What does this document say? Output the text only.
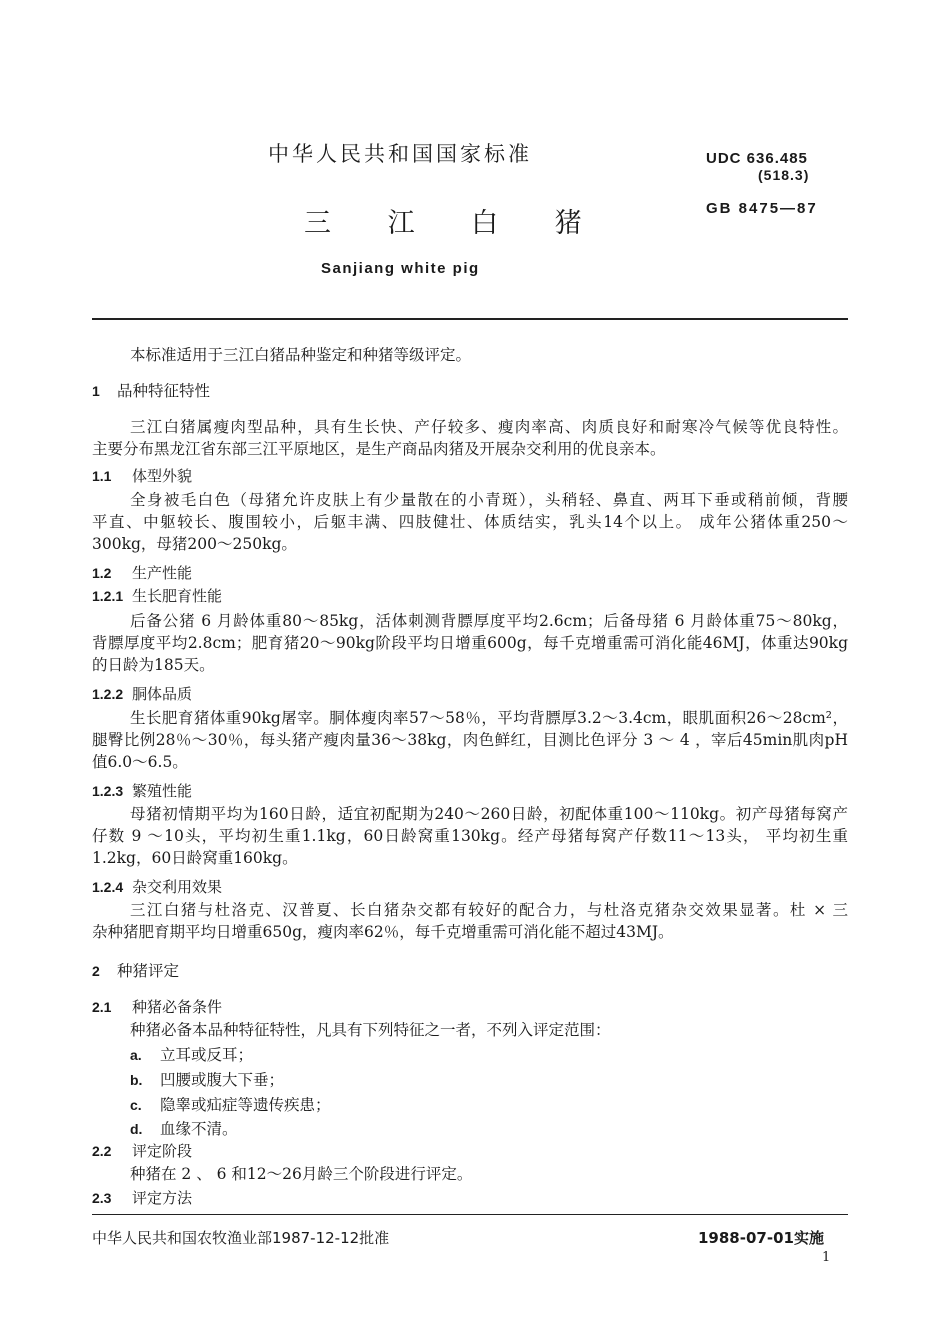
中华人民共和国国家标准	UDC 636.485
(518.3)
GB 8475—87
三 江 白 猪
Sanjiang white pig
本标准适用于三江白猪品种鉴定和种猪等级评定。
1 品种特征特性
三江白猪属瘦肉型品种，具有生长快、产仔较多、瘦肉率高、肉质良好和耐寒冷气候等优良特性。
主要分布黑龙江省东部三江平原地区，是生产商品肉猪及开展杂交利用的优良亲本。
1.1 体型外貌
全身被毛白色（母猪允许皮肤上有少量散在的小青斑），头稍轻、鼻直、两耳下垂或稍前倾，背腰
平直、中躯较长、腹围较小，后躯丰满、四肢健壮、体质结实，乳头14个以上。 成年公猪体重250～
300kg，母猪200～250kg。
1.2 生产性能
1.2.1 生长肥育性能
后备公猪 6 月龄体重80～85kg，活体刺测背膘厚度平均2.6cm；后备母猪 6 月龄体重75～80kg，
背膘厚度平均2.8cm；肥育猪20～90kg阶段平均日增重600g，每千克增重需可消化能46MJ，体重达90kg
的日龄为185天。
1.2.2 胴体品质
生长肥育猪体重90kg屠宰。胴体瘦肉率57～58％，平均背膘厚3.2～3.4cm，眼肌面积26～28cm²，
腿臀比例28％～30％，每头猪产瘦肉量36～38kg，肉色鲜红，目测比色评分 3 ～ 4 ，宰后45min肌肉pH
值6.0～6.5。
1.2.3 繁殖性能
母猪初情期平均为160日龄，适宜初配期为240～260日龄，初配体重100～110kg。初产母猪每窝产
仔数 9 ～10头，平均初生重1.1kg，60日龄窝重130kg。经产母猪每窝产仔数11～13头， 平均初生重
1.2kg，60日龄窝重160kg。
1.2.4 杂交利用效果
三江白猪与杜洛克、汉普夏、长白猪杂交都有较好的配合力，与杜洛克猪杂交效果显著。杜 × 三
杂种猪肥育期平均日增重650g，瘦肉率62％，每千克增重需可消化能不超过43MJ。
2 种猪评定
2.1 种猪必备条件
种猪必备本品种特征特性，凡具有下列特征之一者，不列入评定范围：
a. 立耳或反耳；
b. 凹腰或腹大下垂；
c. 隐睾或疝症等遗传疾患；
d. 血缘不清。
2.2 评定阶段
种猪在 2 、 6 和12～26月龄三个阶段进行评定。
2.3 评定方法
中华人民共和国农牧渔业部1987-12-12批准	1988-07-01实施
1
